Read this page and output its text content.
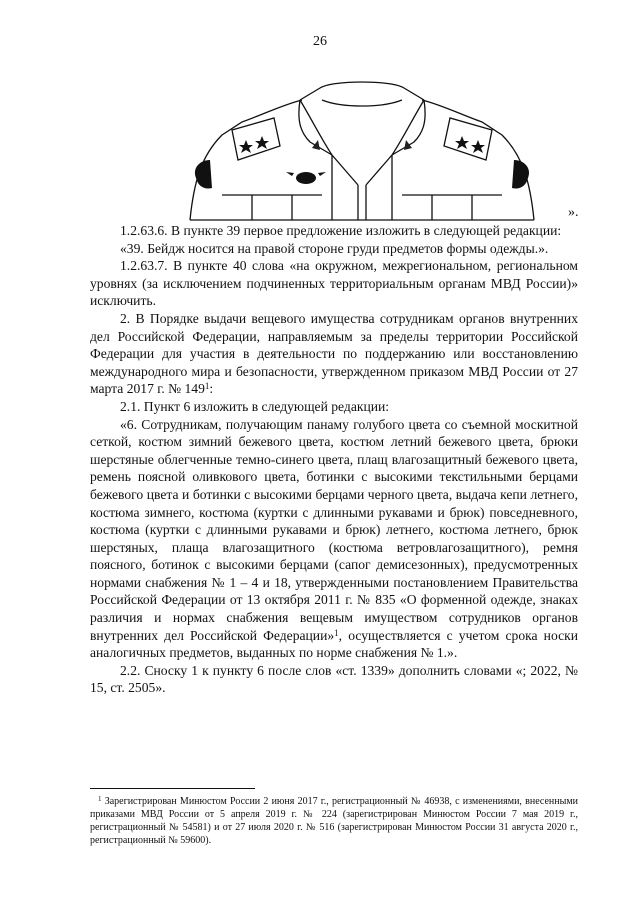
26
».

1.2.63.6. В пункте 39 первое предложение изложить в следующей редакции:

«39. Бейдж носится на правой стороне груди предметов формы одежды.».

1.2.63.7. В пункте 40 слова «на окружном, межрегиональном, региональном уровнях (за исключением подчиненных территориальным органам МВД России)» исключить.

2. В Порядке выдачи вещевого имущества сотрудникам органов внутренних дел Российской Федерации, направляемым за пределы территории Российской Федерации для участия в деятельности по поддержанию или восстановлению международного мира и безопасности, утвержденном приказом МВД России от 27 марта 2017 г. № $149^1$:

2.1. Пункт 6 изложить в следующей редакции:

«6. Сотрудникам, получающим панаму голубого цвета со съемной москитной сеткой, костюм зимний бежевого цвета, костюм летний бежевого цвета, брюки шерстяные облегченные темно-синего цвета, плащ влагозащитный бежевого цвета, ремень поясной оливкового цвета, ботинки с высокими текстильными берцами бежевого цвета и ботинки с высокими берцами черного цвета, выдача кепи летнего, костюма зимнего, костюма (куртки с длинными рукавами и брюк) повседневного, костюма (куртки с длинными рукавами и брюк) летнего, костюма летнего, брюк шерстяных, плаща влагозащитного (костюма ветровлагозащитного), ремня поясного, ботинок с высокими берцами (сапог демисезонных), предусмотренных нормами снабжения № 1 – 4 и 18, утвержденными постановлением Правительства Российской Федерации от 13 октября 2011 г. № 835 «О форменной одежде, знаках различия и нормах снабжения вещевым имуществом сотрудников органов внутренних дел Российской Федерации»$^1$, осуществляется с учетом срока носки аналогичных предметов, выданных по норме снабжения № 1.».

2.2. Сноску 1 к пункту 6 после слов «ст. 1339» дополнить словами «; 2022, № 15, ст. 2505».

$^1$ Зарегистрирован Минюстом России 2 июня 2017 г., регистрационный № 46938, с изменениями, внесенными приказами МВД России от 5 апреля 2019 г. № 224 (зарегистрирован Минюстом России 7 мая 2019 г., регистрационный № 54581) и от 27 июля 2020 г. № 516 (зарегистрирован Минюстом России 31 августа 2020 г., регистрационный № 59600).
